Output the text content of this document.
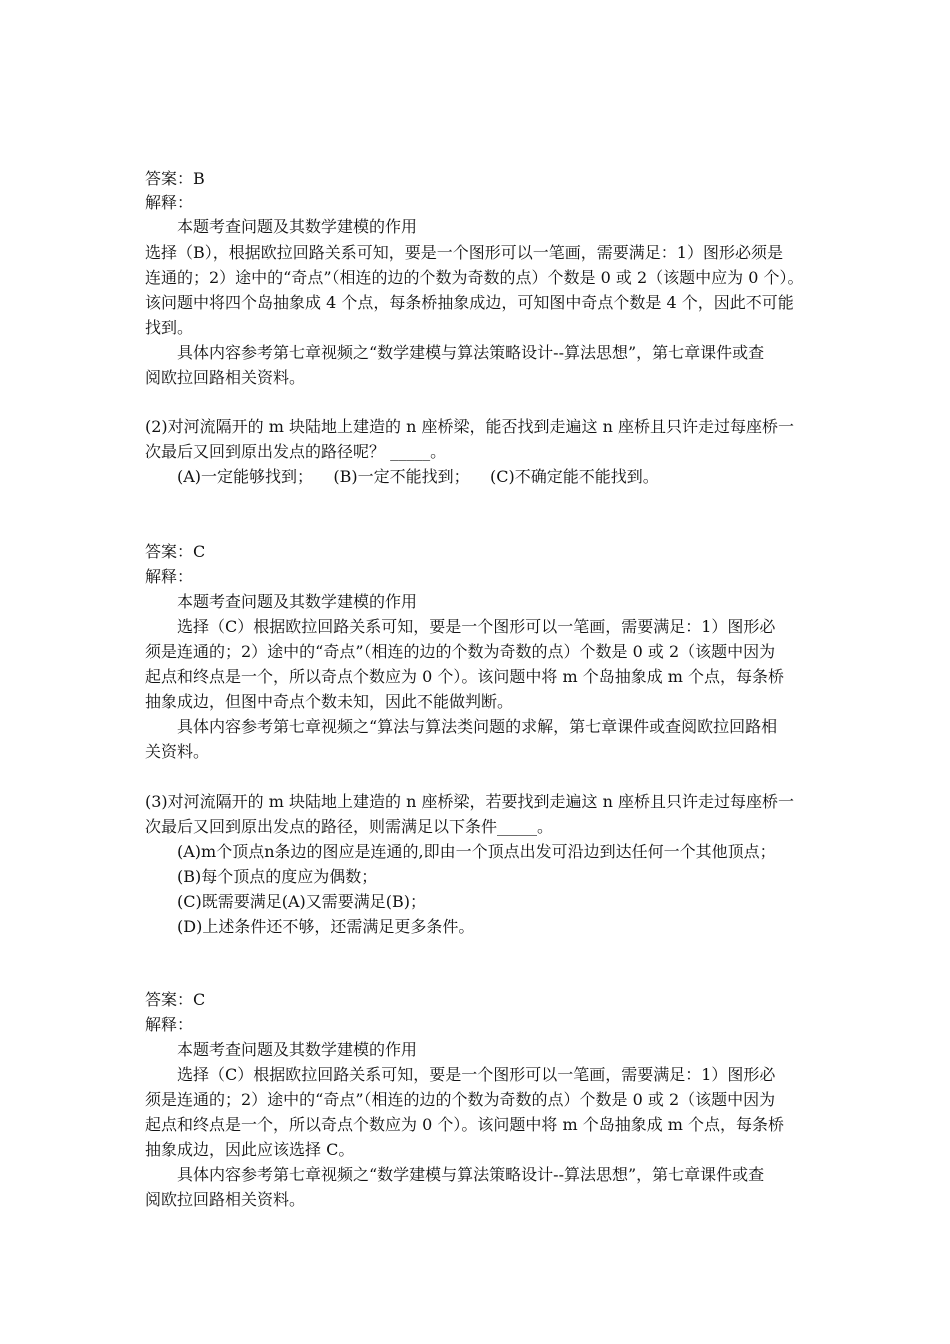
答案：B
解释：
本题考查问题及其数学建模的作用
选择（B），根据欧拉回路关系可知，要是一个图形可以一笔画，需要满足：1）图形必须是
连通的；2）途中的“奇点”（相连的边的个数为奇数的点）个数是 0 或 2（该题中应为 0 个）。
该问题中将四个岛抽象成 4 个点，每条桥抽象成边，可知图中奇点个数是 4 个，因此不可能
找到。
具体内容参考第七章视频之“数学建模与算法策略设计--算法思想”，第七章课件或查
阅欧拉回路相关资料。
(2)对河流隔开的 m 块陆地上建造的 n 座桥梁，能否找到走遍这 n 座桥且只许走过每座桥一
次最后又回到原出发点的路径呢？ _____。
(A)一定能够找到；    (B)一定不能找到；    (C)不确定能不能找到。
答案：C
解释：
本题考查问题及其数学建模的作用
选择（C）根据欧拉回路关系可知，要是一个图形可以一笔画，需要满足：1）图形必
须是连通的；2）途中的“奇点”（相连的边的个数为奇数的点）个数是 0 或 2（该题中因为
起点和终点是一个，所以奇点个数应为 0 个）。该问题中将 m 个岛抽象成 m 个点，每条桥
抽象成边，但图中奇点个数未知，因此不能做判断。
具体内容参考第七章视频之“算法与算法类问题的求解，第七章课件或查阅欧拉回路相
关资料。
(3)对河流隔开的 m 块陆地上建造的 n 座桥梁，若要找到走遍这 n 座桥且只许走过每座桥一
次最后又回到原出发点的路径，则需满足以下条件_____。
(A)m个顶点n条边的图应是连通的,即由一个顶点出发可沿边到达任何一个其他顶点；
(B)每个顶点的度应为偶数；
(C)既需要满足(A)又需要满足(B)；
(D)上述条件还不够，还需满足更多条件。
答案：C
解释：
本题考查问题及其数学建模的作用
选择（C）根据欧拉回路关系可知，要是一个图形可以一笔画，需要满足：1）图形必
须是连通的；2）途中的“奇点”（相连的边的个数为奇数的点）个数是 0 或 2（该题中因为
起点和终点是一个，所以奇点个数应为 0 个）。该问题中将 m 个岛抽象成 m 个点，每条桥
抽象成边，因此应该选择 C。
具体内容参考第七章视频之“数学建模与算法策略设计--算法思想”，第七章课件或查
阅欧拉回路相关资料。
